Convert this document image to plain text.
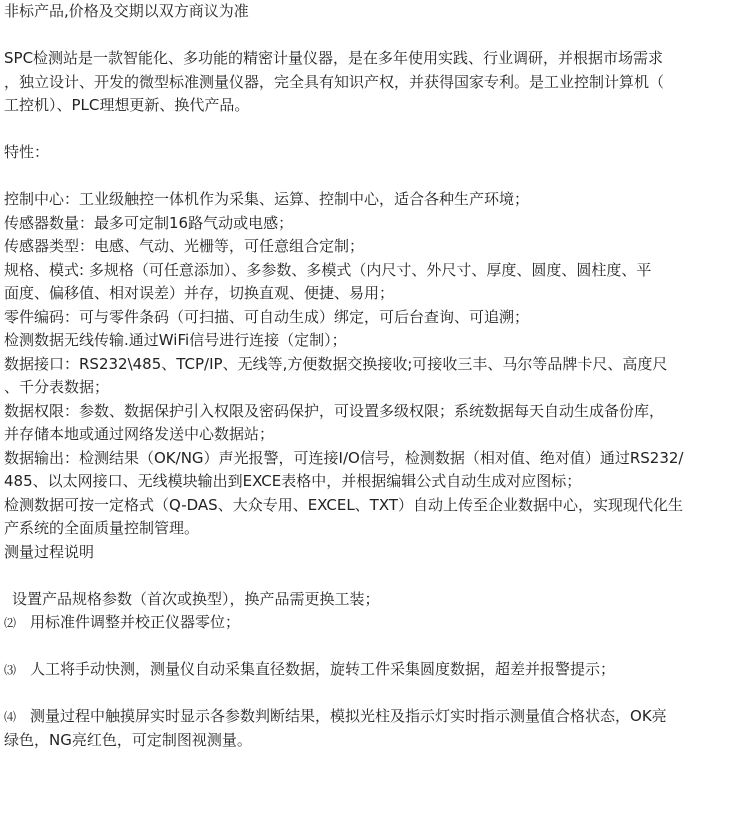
非标产品,价格及交期以双方商议为准
SPC检测站是一款智能化、多功能的精密计量仪器，是在多年使用实践、行业调研，并根据市场需求
，独立设计、开发的微型标准测量仪器，完全具有知识产权，并获得国家专利。是工业控制计算机（
工控机）、PLC理想更新、换代产品。
特性：
控制中心：工业级触控一体机作为采集、运算、控制中心，适合各种生产环境；
传感器数量：最多可定制16路气动或电感；
传感器类型：电感、气动、光栅等，可任意组合定制；
规格、模式: 多规格（可任意添加）、多参数、多模式（内尺寸、外尺寸、厚度、圆度、圆柱度、平
面度、偏移值、相对误差）并存，切换直观、便捷、易用；
零件编码：可与零件条码（可扫描、可自动生成）绑定，可后台查询、可追溯；
检测数据无线传输.通过WiFi信号进行连接（定制）；
数据接口：RS232\485、TCP/IP、无线等,方便数据交换接收;可接收三丰、马尔等品牌卡尺、高度尺
、千分表数据；
数据权限：参数、数据保护引入权限及密码保护，可设置多级权限；系统数据每天自动生成备份库，
并存储本地或通过网络发送中心数据站；
数据输出：检测结果（OK/NG）声光报警，可连接I/O信号，检测数据（相对值、绝对值）通过RS232/
485、以太网接口、无线模块输出到EXCE表格中，并根据编辑公式自动生成对应图标；
检测数据可按一定格式（Q-DAS、大众专用、EXCEL、TXT）自动上传至企业数据中心，实现现代化生
产系统的全面质量控制管理。
测量过程说明
设置产品规格参数（首次或换型），换产品需更换工装；
⑵ 用标准件调整并校正仪器零位；
⑶ 人工将手动快测，测量仪自动采集直径数据，旋转工件采集圆度数据，超差并报警提示；
⑷ 测量过程中触摸屏实时显示各参数判断结果，模拟光柱及指示灯实时指示测量值合格状态，OK亮
绿色，NG亮红色，可定制图视测量。
